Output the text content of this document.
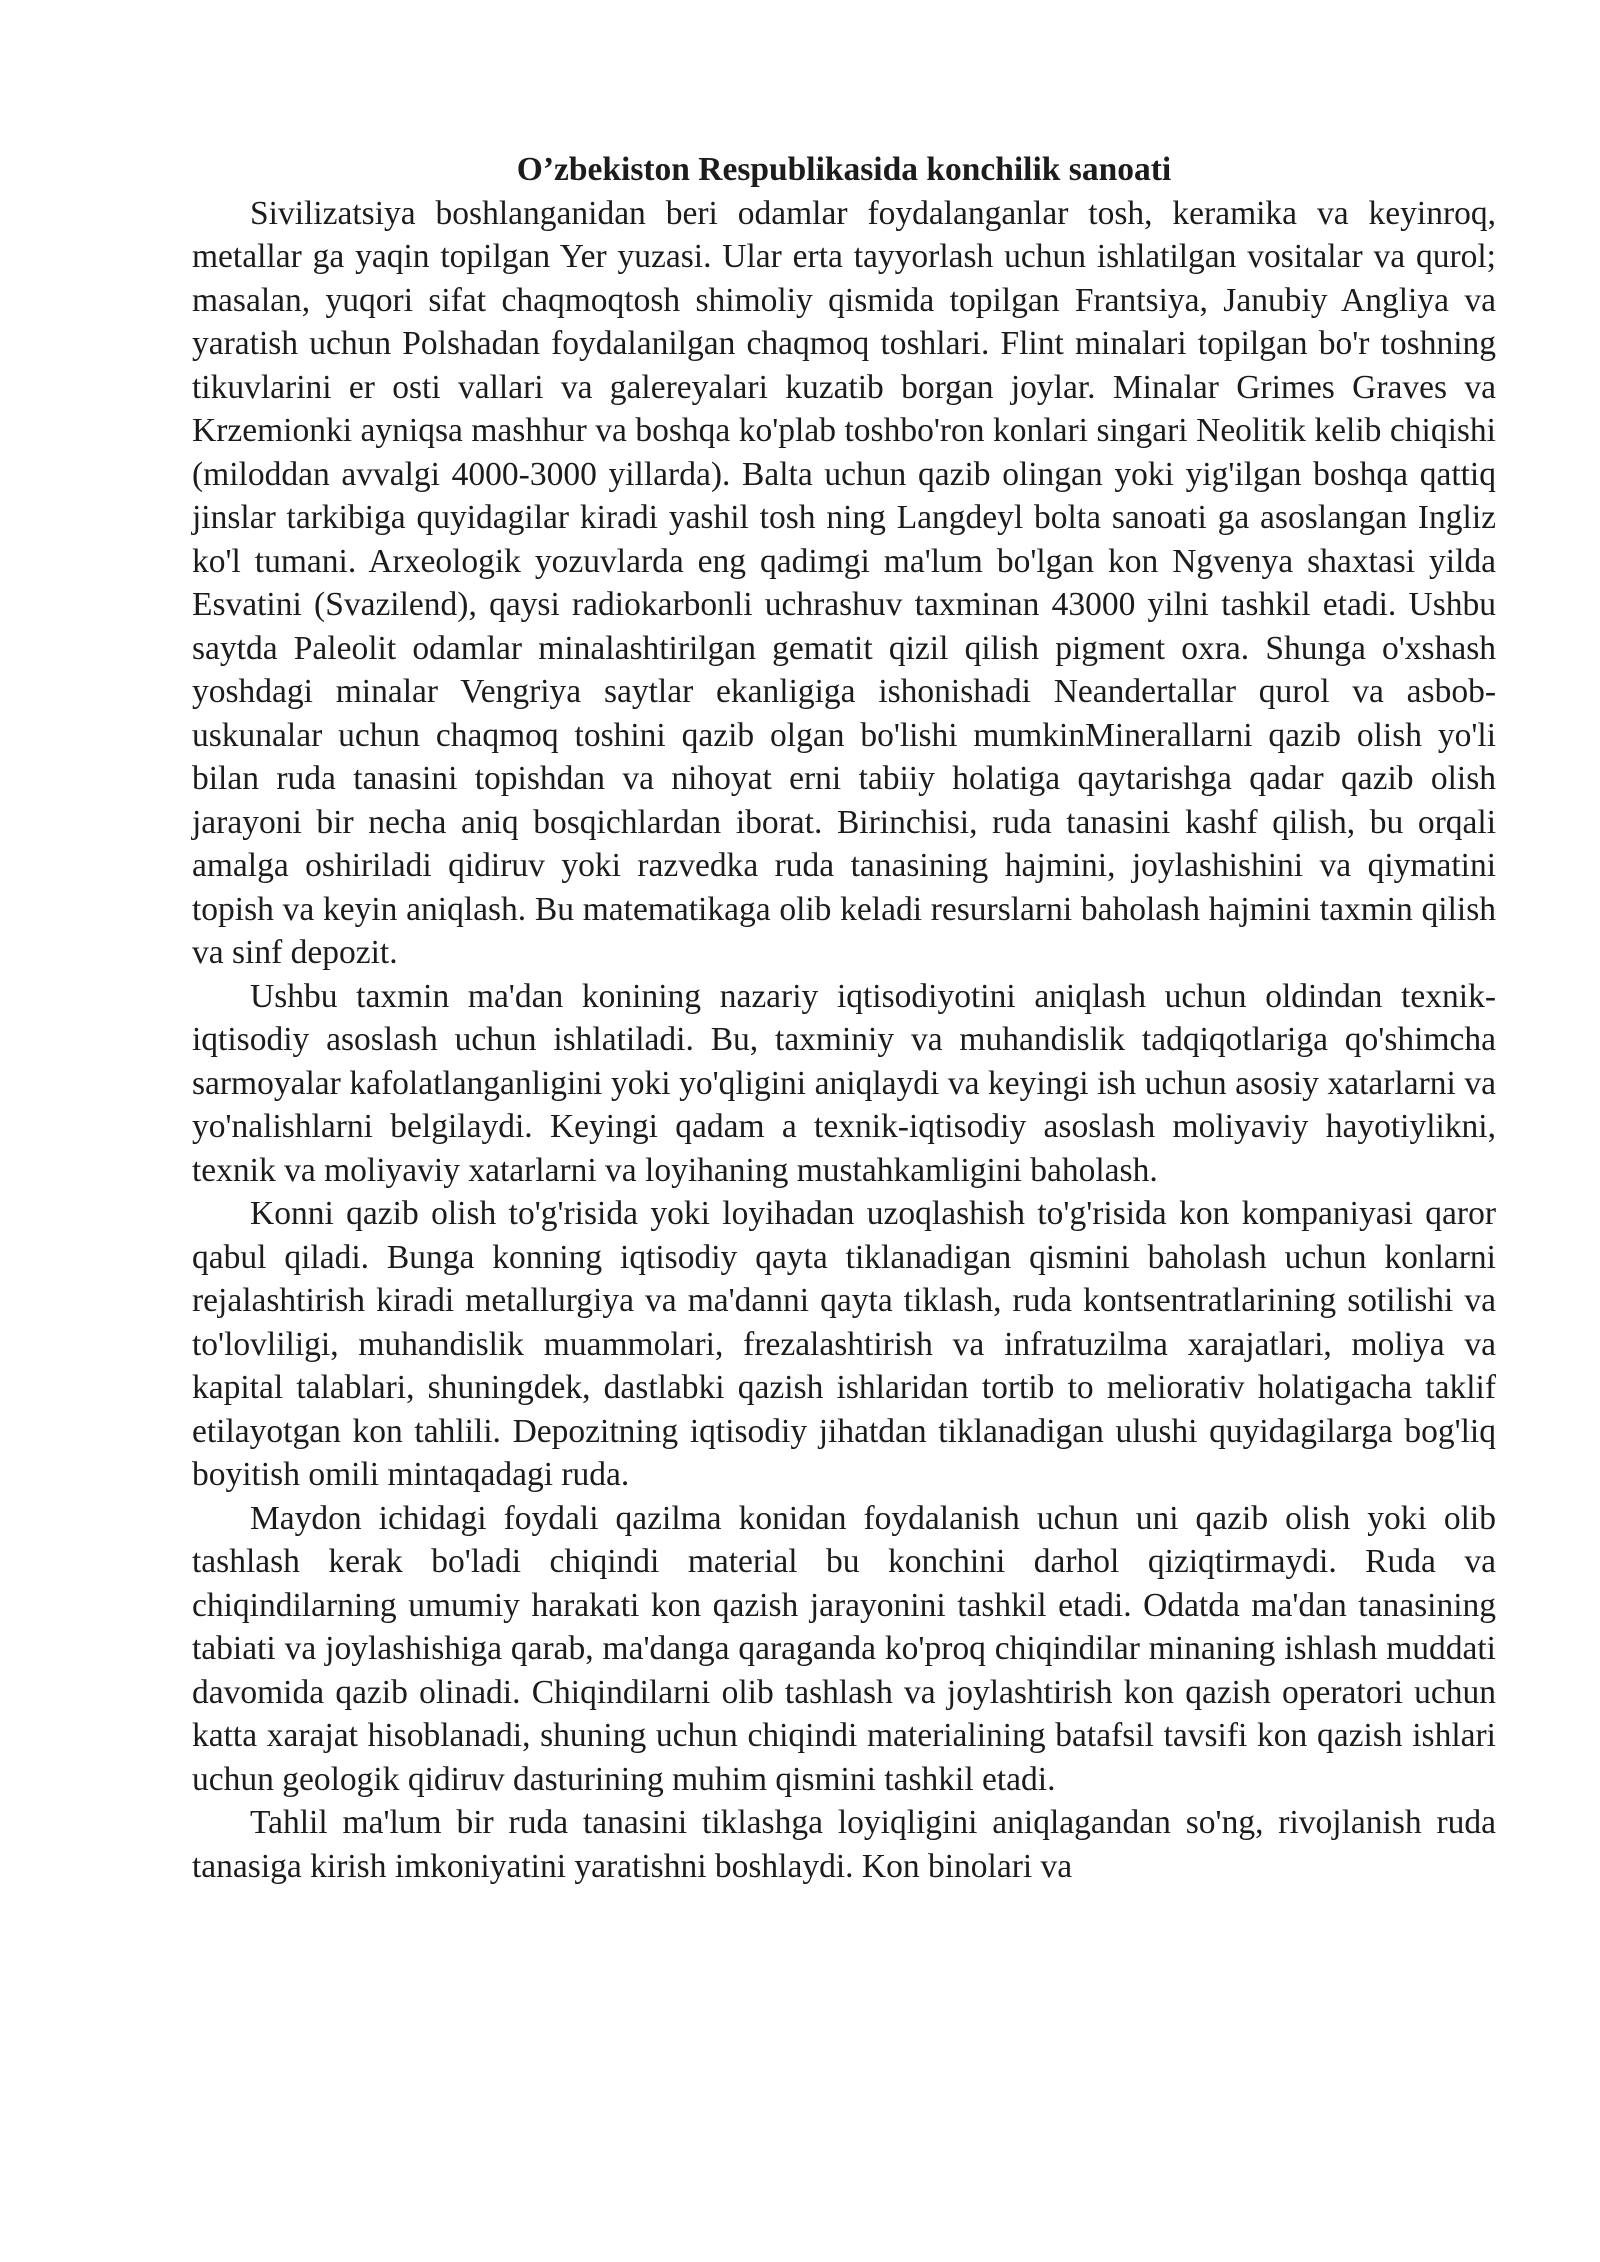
O’zbekiston Respublikasida konchilik sanoati

Sivilizatsiya boshlanganidan beri odamlar foydalanganlar tosh, keramika va keyinroq, metallar ga yaqin topilgan Yer yuzasi. Ular erta tayyorlash uchun ishlatilgan vositalar va qurol; masalan, yuqori sifat chaqmoqtosh shimoliy qismida topilgan Frantsiya, Janubiy Angliya va yaratish uchun Polshadan foydalanilgan chaqmoq toshlari. Flint minalari topilgan bo'r toshning tikuvlarini er osti vallari va galereyalari kuzatib borgan joylar. Minalar Grimes Graves va Krzemionki ayniqsa mashhur va boshqa ko'plab toshbo'ron konlari singari Neolitik kelib chiqishi (miloddan avvalgi 4000-3000 yillarda). Balta uchun qazib olingan yoki yig'ilgan boshqa qattiq jinslar tarkibiga quyidagilar kiradi yashil tosh ning Langdeyl bolta sanoati ga asoslangan Ingliz ko'l tumani. Arxeologik yozuvlarda eng qadimgi ma'lum bo'lgan kon Ngvenya shaxtasi yilda Esvatini (Svazilend), qaysi radiokarbonli uchrashuv taxminan 43000 yilni tashkil etadi. Ushbu saytda Paleolit odamlar minalashtirilgan gematit qizil qilish pigment oxra. Shunga o'xshash yoshdagi minalar Vengriya saytlar ekanligiga ishonishadi Neandertallar qurol va asbob-uskunalar uchun chaqmoq toshini qazib olgan bo'lishi mumkinMinerallarni qazib olish yo'li bilan ruda tanasini topishdan va nihoyat erni tabiiy holatiga qaytarishga qadar qazib olish jarayoni bir necha aniq bosqichlardan iborat. Birinchisi, ruda tanasini kashf qilish, bu orqali amalga oshiriladi qidiruv yoki razvedka ruda tanasining hajmini, joylashishini va qiymatini topish va keyin aniqlash. Bu matematikaga olib keladi resurslarni baholash hajmini taxmin qilish va sinf depozit.

Ushbu taxmin ma'dan konining nazariy iqtisodiyotini aniqlash uchun oldindan texnik-iqtisodiy asoslash uchun ishlatiladi. Bu, taxminiy va muhandislik tadqiqotlariga qo'shimcha sarmoyalar kafolatlanganligini yoki yo'qligini aniqlaydi va keyingi ish uchun asosiy xatarlarni va yo'nalishlarni belgilaydi. Keyingi qadam a texnik-iqtisodiy asoslash moliyaviy hayotiylikni, texnik va moliyaviy xatarlarni va loyihaning mustahkamligini baholash.

Konni qazib olish to'g'risida yoki loyihadan uzoqlashish to'g'risida kon kompaniyasi qaror qabul qiladi. Bunga konning iqtisodiy qayta tiklanadigan qismini baholash uchun konlarni rejalashtirish kiradi metallurgiya va ma'danni qayta tiklash, ruda kontsentratlarining sotilishi va to'lovliligi, muhandislik muammolari, frezalashtirish va infratuzilma xarajatlari, moliya va kapital talablari, shuningdek, dastlabki qazish ishlaridan tortib to meliorativ holatigacha taklif etilayotgan kon tahlili. Depozitning iqtisodiy jihatdan tiklanadigan ulushi quyidagilarga bog'liq boyitish omili mintaqadagi ruda.

Maydon ichidagi foydali qazilma konidan foydalanish uchun uni qazib olish yoki olib tashlash kerak bo'ladi chiqindi material bu konchini darhol qiziqtirmaydi. Ruda va chiqindilarning umumiy harakati kon qazish jarayonini tashkil etadi. Odatda ma'dan tanasining tabiati va joylashishiga qarab, ma'danga qaraganda ko'proq chiqindilar minaning ishlash muddati davomida qazib olinadi. Chiqindilarni olib tashlash va joylashtirish kon qazish operatori uchun katta xarajat hisoblanadi, shuning uchun chiqindi materialining batafsil tavsifi kon qazish ishlari uchun geologik qidiruv dasturining muhim qismini tashkil etadi.

Tahlil ma'lum bir ruda tanasini tiklashga loyiqligini aniqlagandan so'ng, rivojlanish ruda tanasiga kirish imkoniyatini yaratishni boshlaydi. Kon binolari va
